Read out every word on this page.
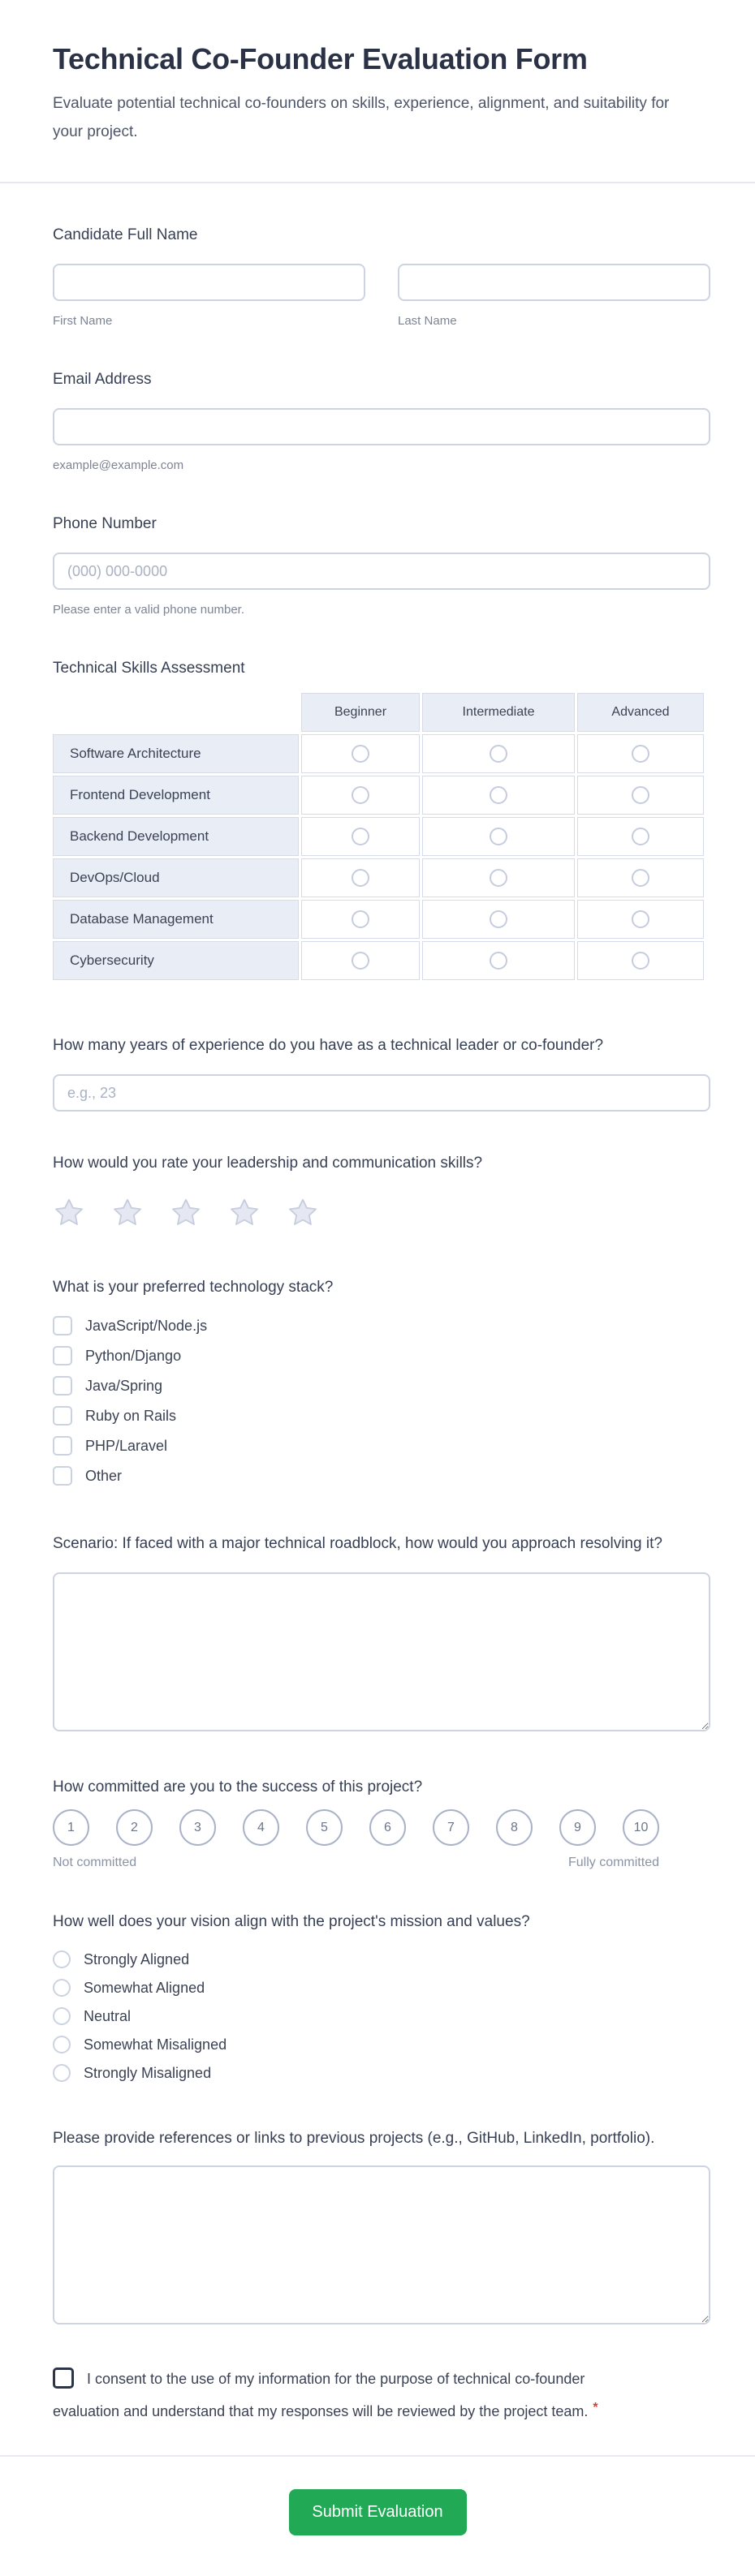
Technical Co-Founder Evaluation Form
Evaluate potential technical co-founders on skills, experience, alignment, and suitability for your project.
Candidate Full Name
First Name	Last Name
Email Address
example@example.com
Phone Number
(000) 000-0000
Please enter a valid phone number.
Technical Skills Assessment
	Beginner	Intermediate	Advanced
Software Architecture			
Frontend Development			
Backend Development			
DevOps/Cloud			
Database Management			
Cybersecurity			
How many years of experience do you have as a technical leader or co-founder?
e.g., 23
How would you rate your leadership and communication skills?
What is your preferred technology stack?
JavaScript/Node.js
Python/Django
Java/Spring
Ruby on Rails
PHP/Laravel
Other
Scenario: If faced with a major technical roadblock, how would you approach resolving it?
How committed are you to the success of this project?
1	2	3	4	5	6	7	8	9	10
Not committed	Fully committed
How well does your vision align with the project's mission and values?
Strongly Aligned
Somewhat Aligned
Neutral
Somewhat Misaligned
Strongly Misaligned
Please provide references or links to previous projects (e.g., GitHub, LinkedIn, portfolio).
I consent to the use of my information for the purpose of technical co-founder evaluation and understand that my responses will be reviewed by the project team. *
Submit Evaluation
